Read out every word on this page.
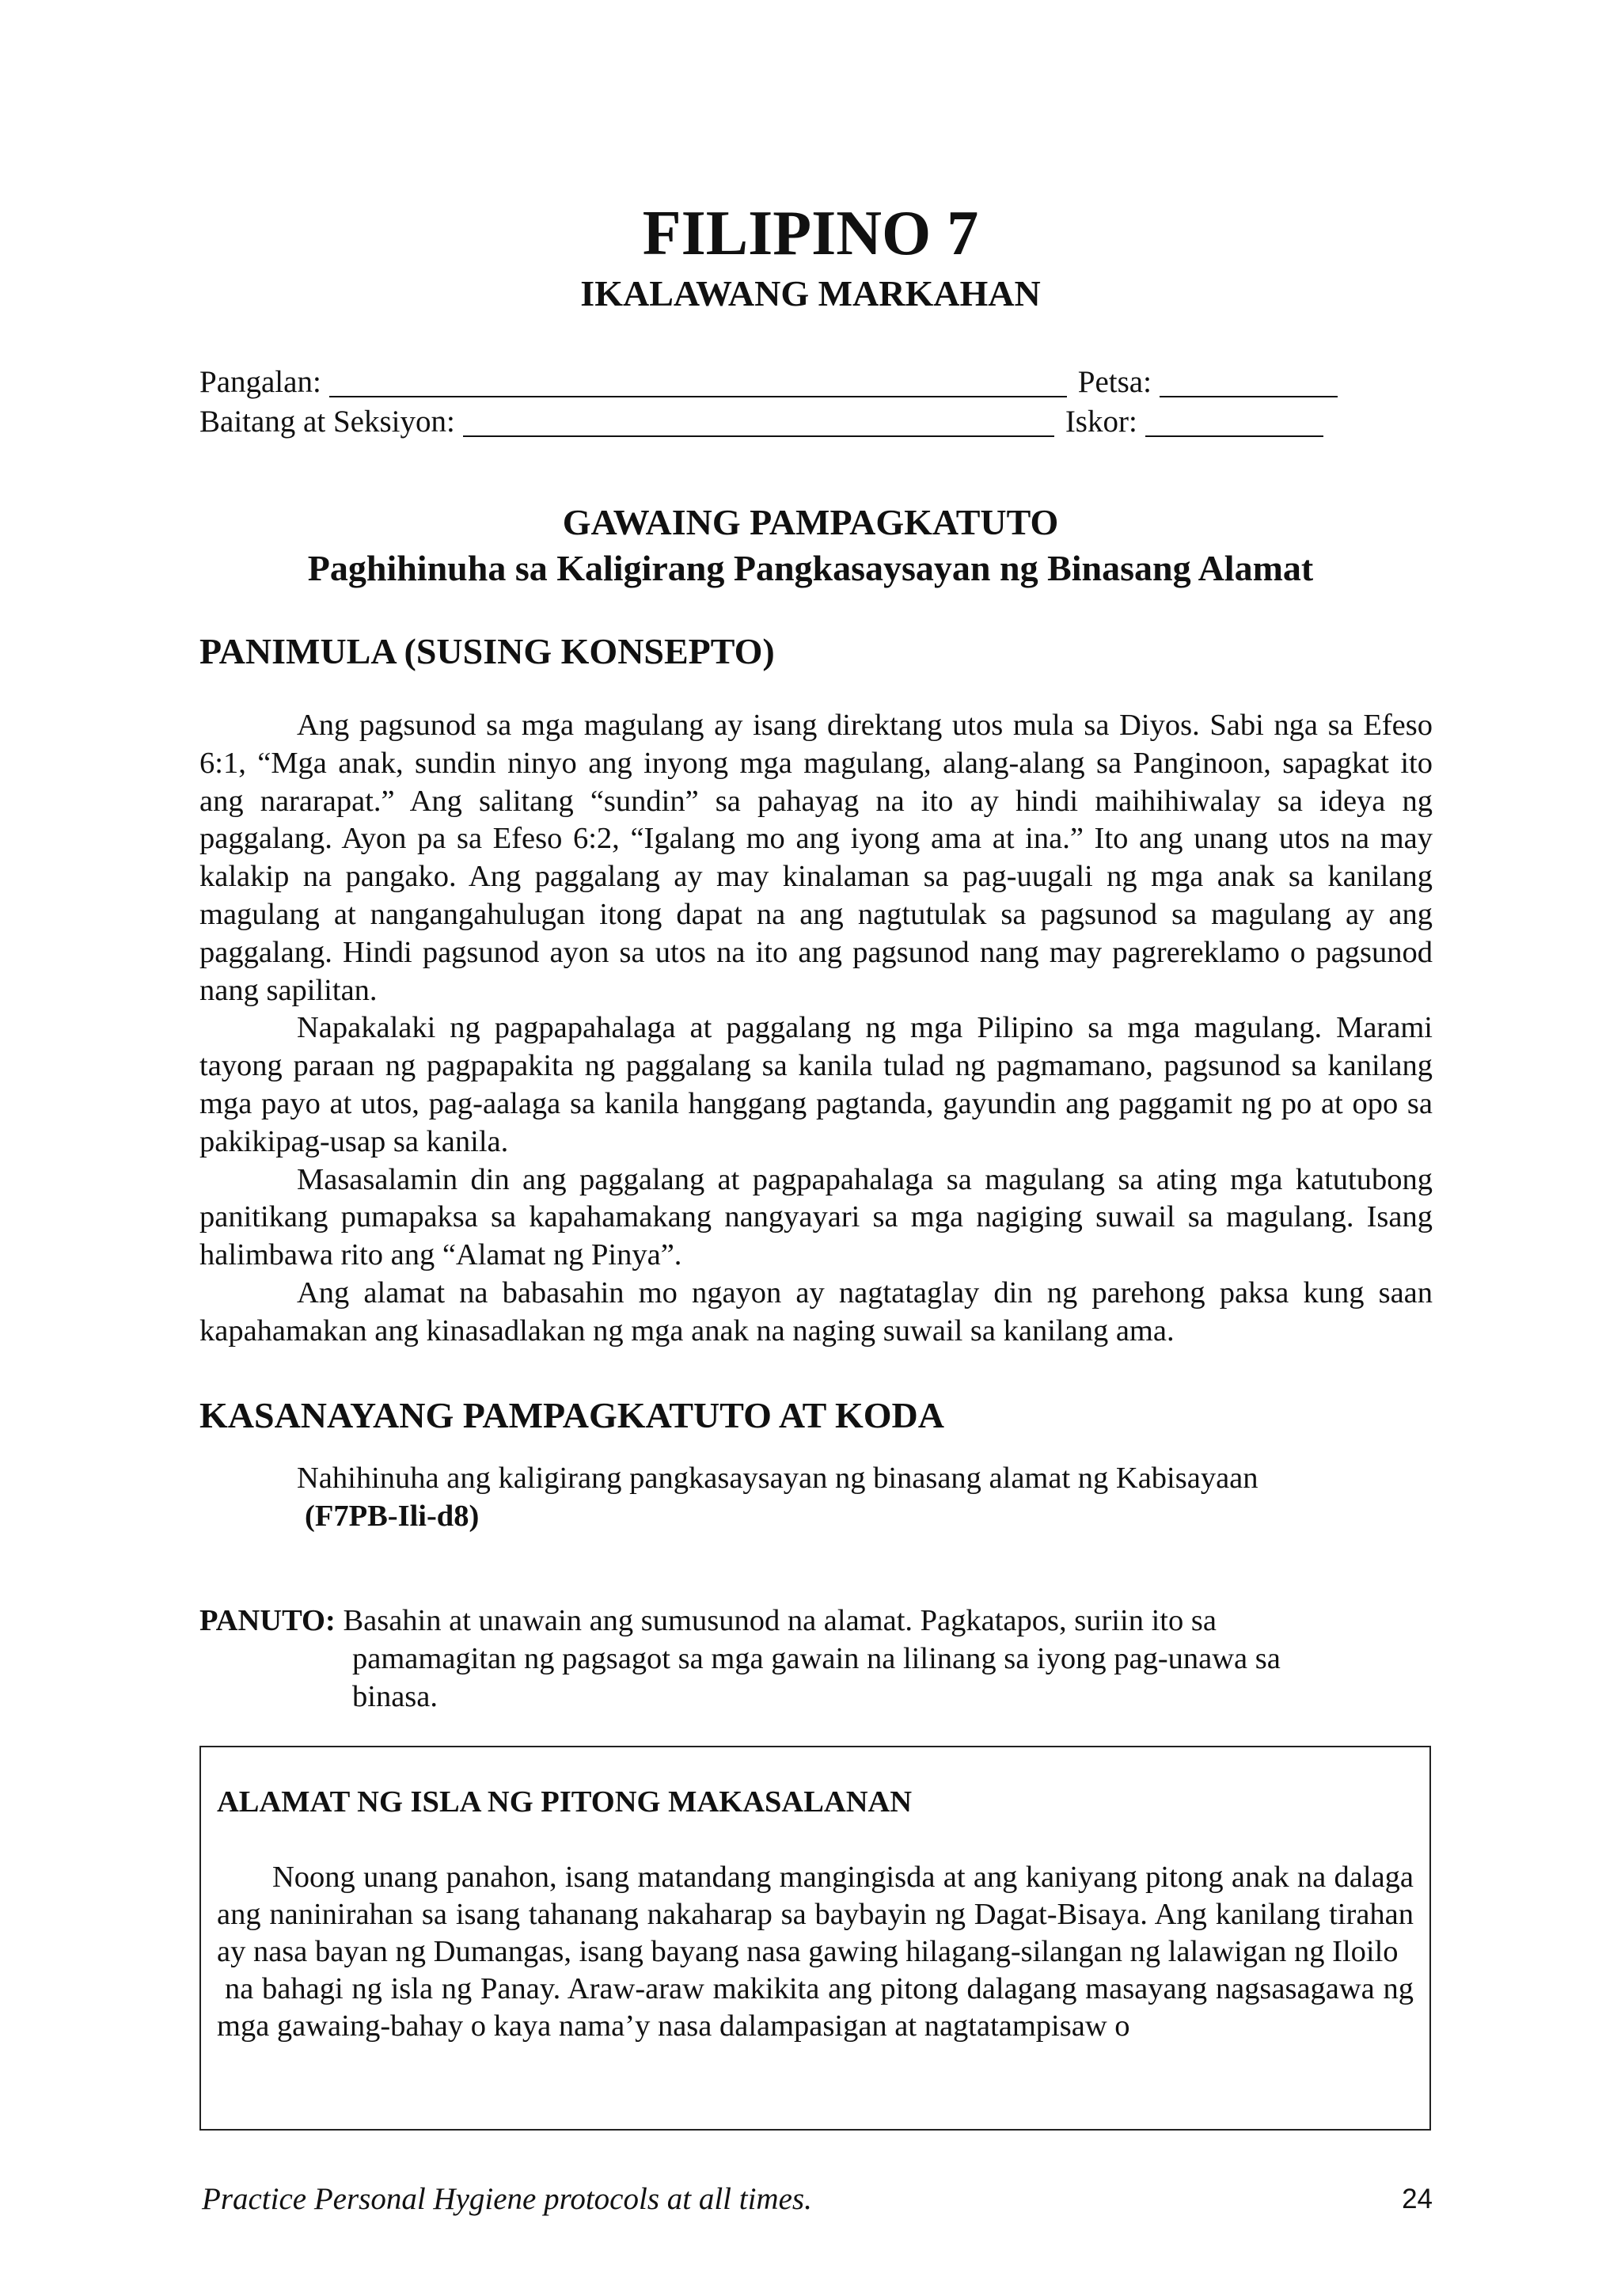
FILIPINO 7
IKALAWANG MARKAHAN
Pangalan:	Petsa:
Baitang at Seksiyon:	Iskor:
GAWAING PAMPAGKATUTO
Paghihinuha sa Kaligirang Pangkasaysayan ng Binasang Alamat
PANIMULA (SUSING KONSEPTO)

Ang pagsunod sa mga magulang ay isang direktang utos mula sa Diyos. Sabi nga sa Efeso 6:1, “Mga anak, sundin ninyo ang inyong mga magulang, alang-alang sa Panginoon, sapagkat ito ang nararapat.” Ang salitang “sundin” sa pahayag na ito ay hindi maihihiwalay sa ideya ng paggalang. Ayon pa sa Efeso 6:2, “Igalang mo ang iyong ama at ina.” Ito ang unang utos na may kalakip na pangako. Ang paggalang ay may kinalaman sa pag-uugali ng mga anak sa kanilang magulang at nangangahulugan itong dapat na ang nagtutulak sa pagsunod sa magulang ay ang paggalang. Hindi pagsunod ayon sa utos na ito ang pagsunod nang may pagrereklamo o pagsunod nang sapilitan.

Napakalaki ng pagpapahalaga at paggalang ng mga Pilipino sa mga magulang. Marami tayong paraan ng pagpapakita ng paggalang sa kanila tulad ng pagmamano, pagsunod sa kanilang mga payo at utos, pag-aalaga sa kanila hanggang pagtanda, gayundin ang paggamit ng po at opo sa pakikipag-usap sa kanila.

Masasalamin din ang paggalang at pagpapahalaga sa magulang sa ating mga katutubong panitikang pumapaksa sa kapahamakang nangyayari sa mga nagiging suwail sa magulang. Isang halimbawa rito ang “Alamat ng Pinya”.

Ang alamat na babasahin mo ngayon ay nagtataglay din ng parehong paksa kung saan kapahamakan ang kinasadlakan ng mga anak na naging suwail sa kanilang ama.

KASANAYANG PAMPAGKATUTO AT KODA
Nahihinuha ang kaligirang pangkasaysayan ng binasang alamat ng Kabisayaan
(F7PB-Ili-d8)
PANUTO: Basahin at unawain ang sumusunod na alamat. Pagkatapos, suriin ito sa
pamamagitan ng pagsagot sa mga gawain na lilinang sa iyong pag-unawa sa
binasa.
ALAMAT NG ISLA NG PITONG MAKASALANAN

Noong unang panahon, isang matandang mangingisda at ang kaniyang pitong anak na dalaga ang naninirahan sa isang tahanang nakaharap sa baybayin ng Dagat-Bisaya. Ang kanilang tirahan ay nasa bayan ng Dumangas, isang bayang nasa gawing hilagang-silangan ng lalawigan ng Iloilo

na bahagi ng isla ng Panay. Araw-araw makikita ang pitong dalagang masayang nagsasagawa ng mga gawaing-bahay o kaya nama’y nasa dalampasigan at nagtatampisaw o

Practice Personal Hygiene protocols at all times.	24
